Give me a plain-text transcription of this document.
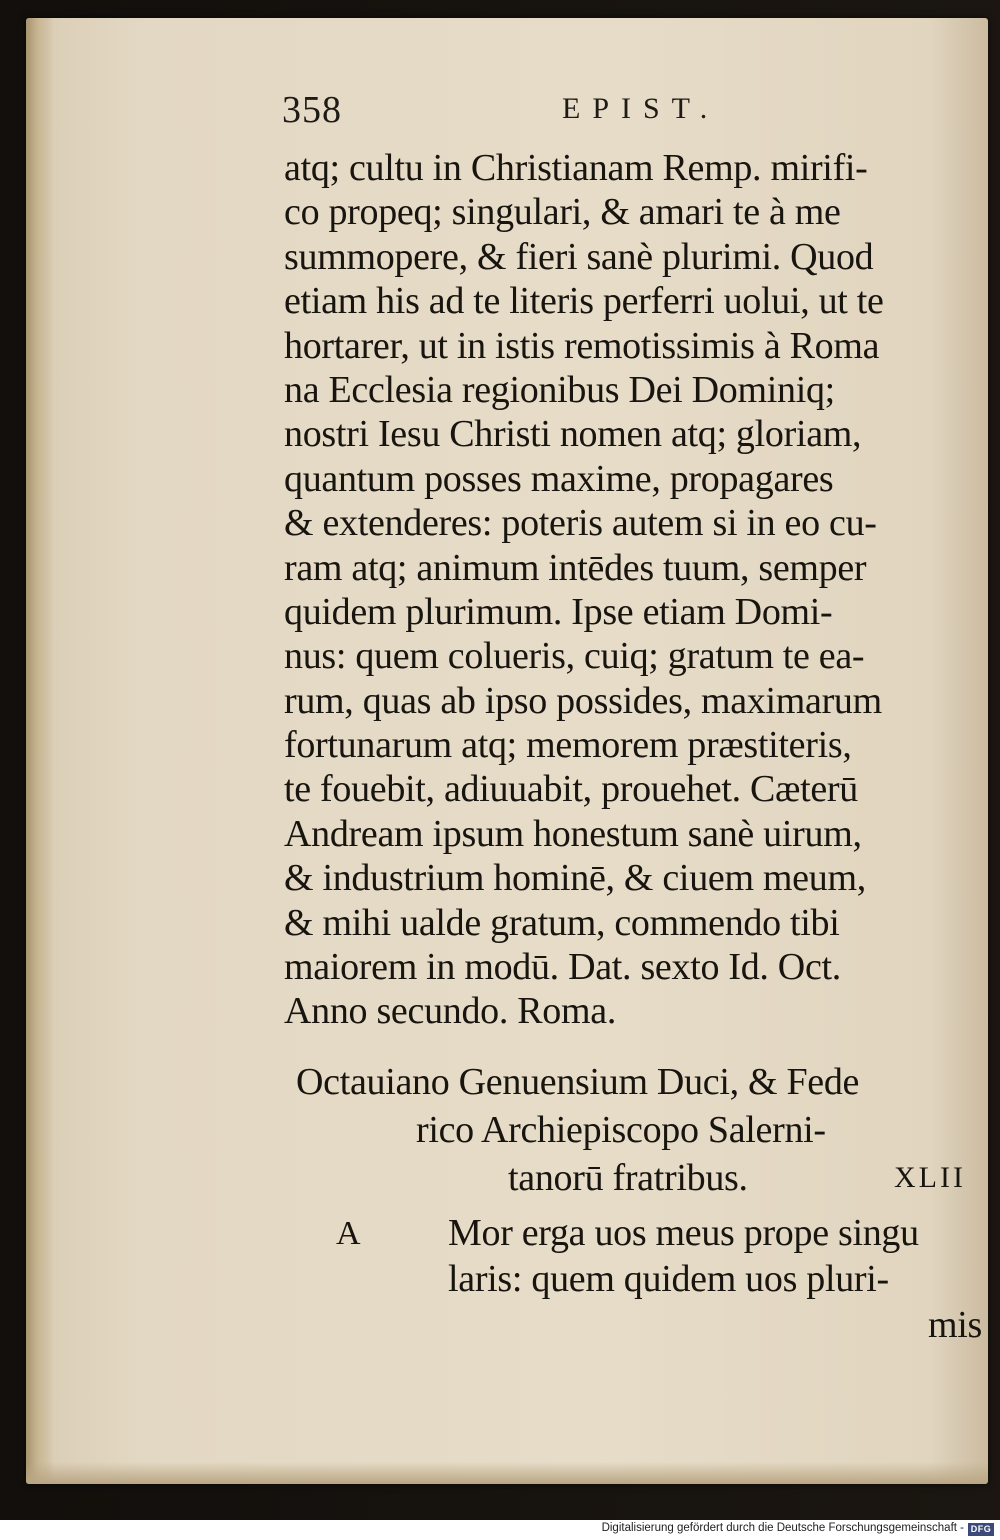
358	EPIST.
atq; cultu in Christianam Remp. mirifi-
co propeq; singulari, & amari te à me
summopere, & fieri sanè plurimi. Quod
etiam his ad te literis perferri uolui, ut te
hortarer, ut in istis remotissimis à Roma
na Ecclesia regionibus Dei Dominiq;
nostri Iesu Christi nomen atq; gloriam,
quantum posses maxime, propagares
& extenderes: poteris autem si in eo cu-
ram atq; animum intēdes tuum, semper
quidem plurimum. Ipse etiam Domi-
nus: quem colueris, cuiq; gratum te ea-
rum, quas ab ipso possides, maximarum
fortunarum atq; memorem præstiteris,
te fouebit, adiuuabit, prouehet. Cæterū
Andream ipsum honestum sanè uirum,
& industrium hominē, & ciuem meum,
& mihi ualde gratum, commendo tibi
maiorem in modū. Dat. sexto Id. Oct.
Anno secundo. Roma.
Octauiano Genuensium Duci, & Fede
rico Archiepiscopo Salerni-
tanorū fratribus.	XLII
A	Mor erga uos meus prope singu
laris: quem quidem uos pluri-
mis
Digitalisierung gefördert durch die Deutsche Forschungsgemeinschaft - DFG
